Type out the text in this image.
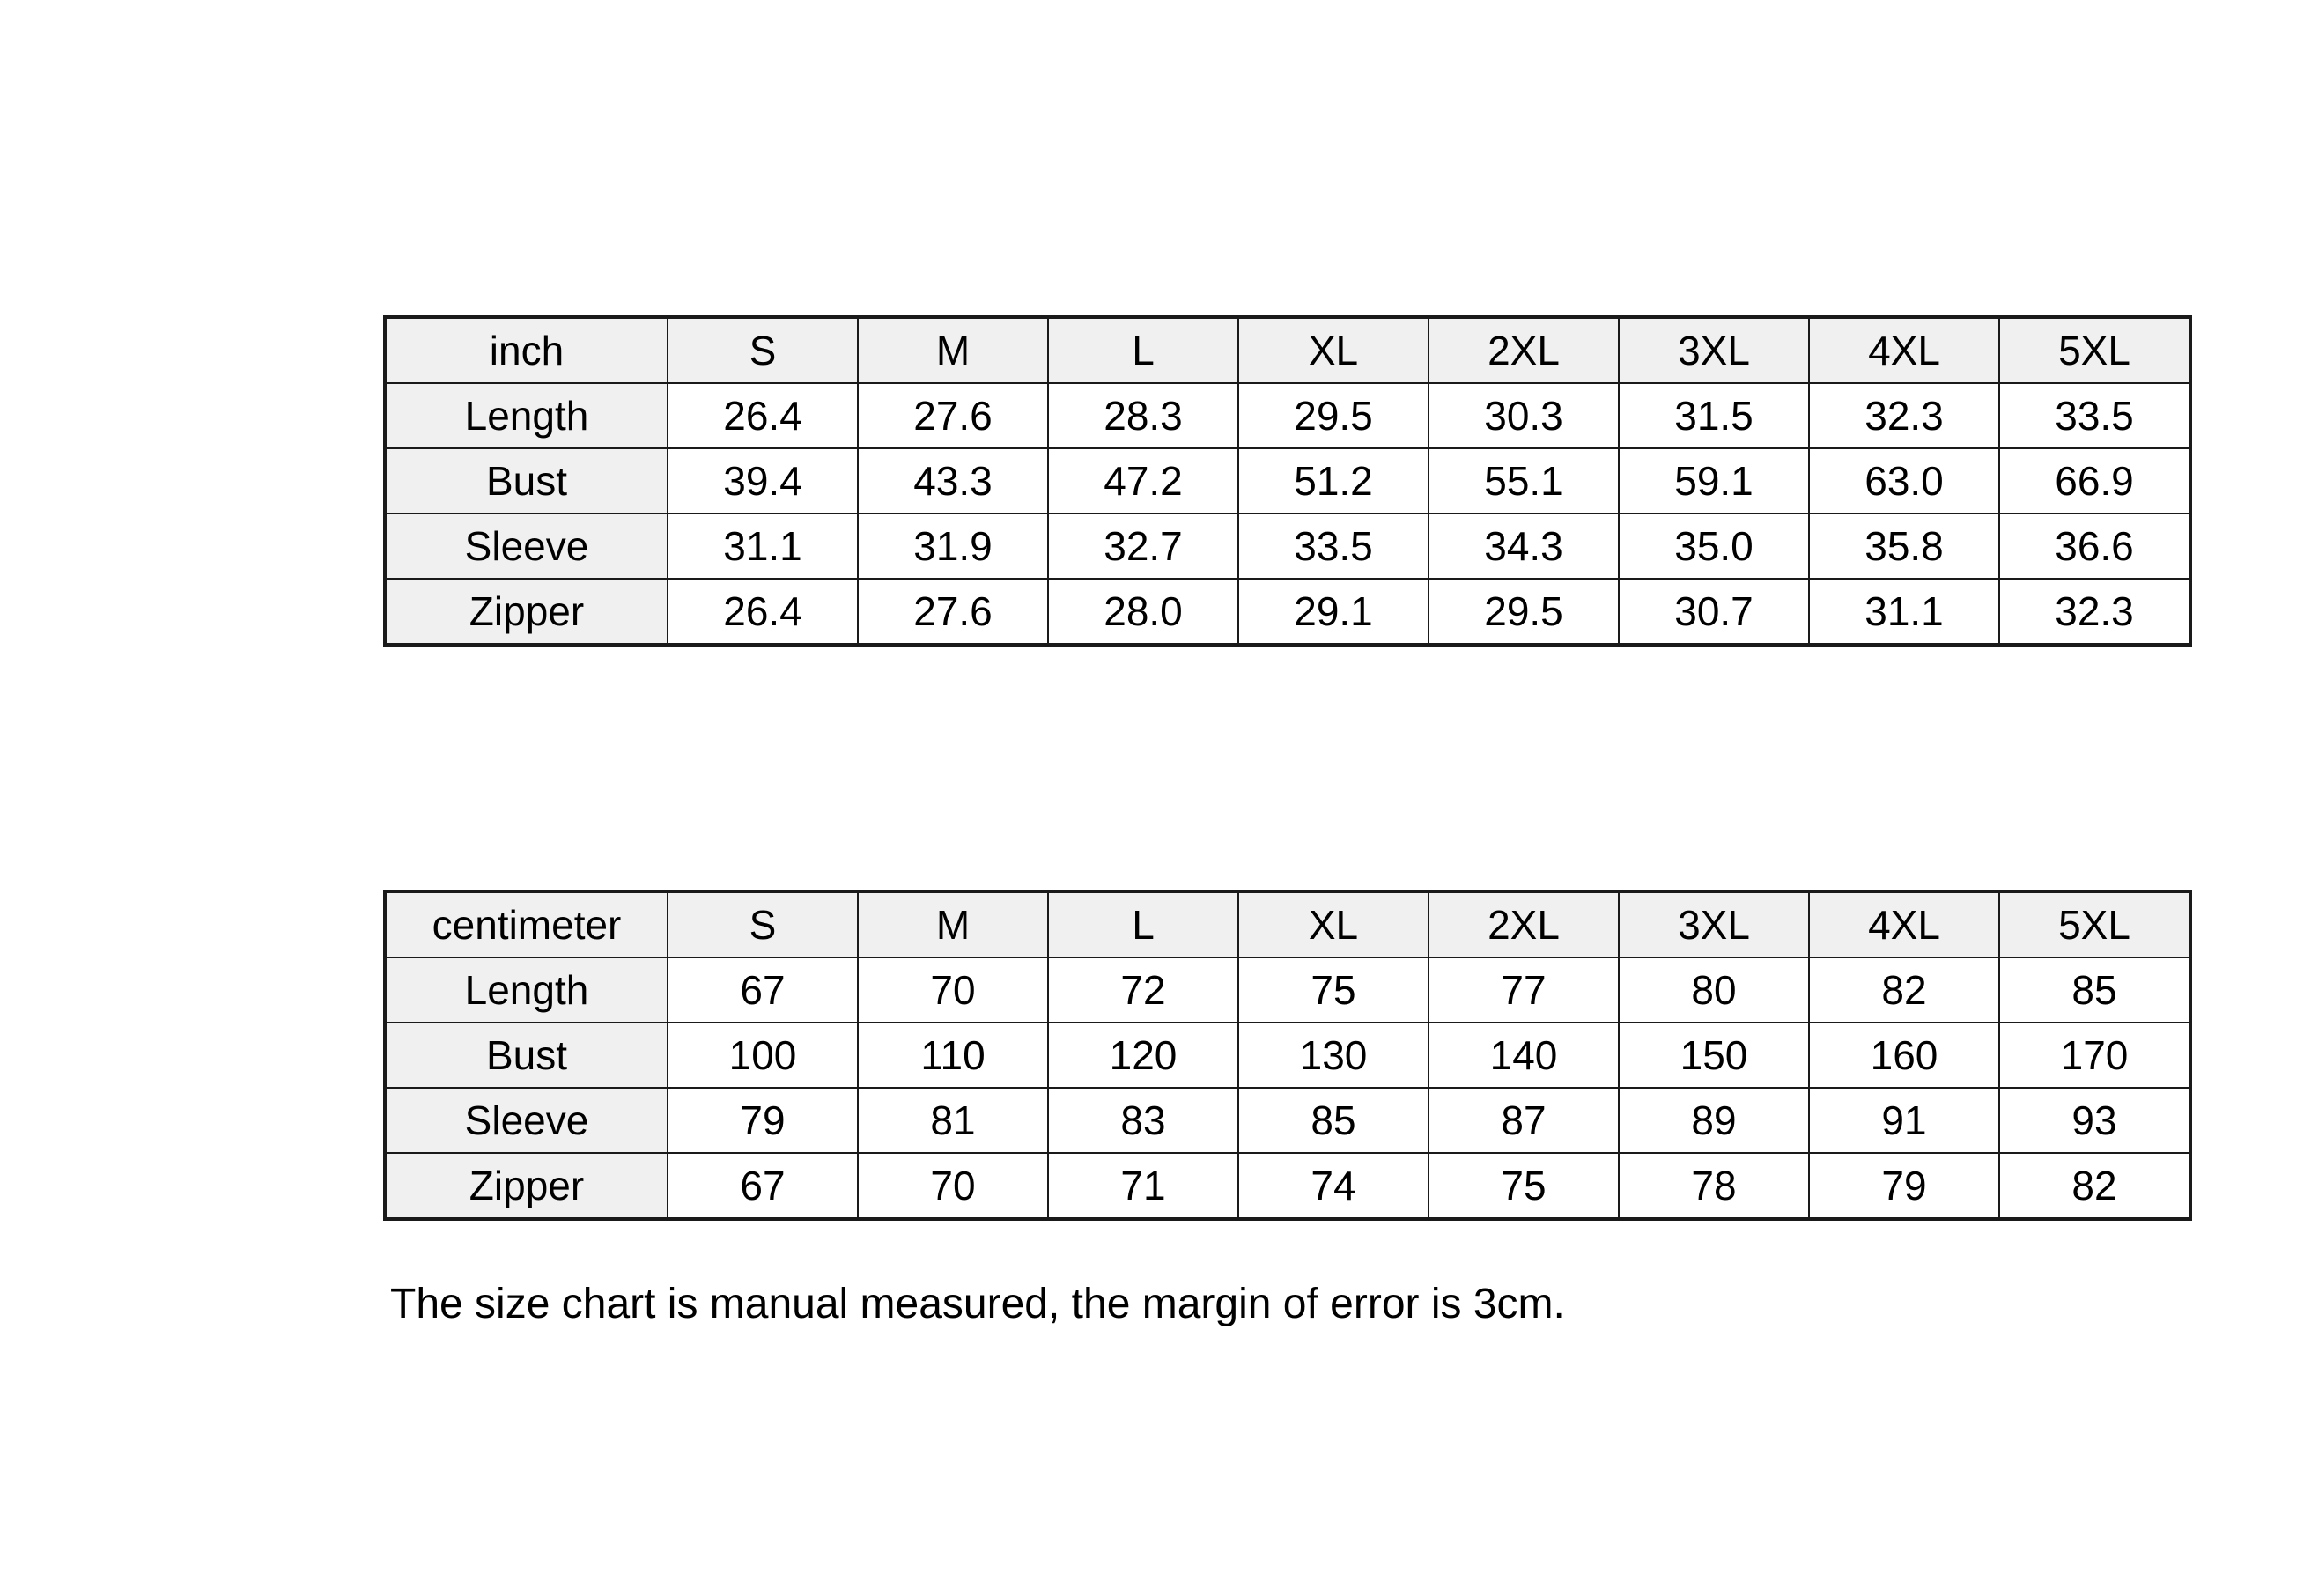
inch	S	M	L	XL	2XL	3XL	4XL	5XL
Length	26.4	27.6	28.3	29.5	30.3	31.5	32.3	33.5
Bust	39.4	43.3	47.2	51.2	55.1	59.1	63.0	66.9
Sleeve	31.1	31.9	32.7	33.5	34.3	35.0	35.8	36.6
Zipper	26.4	27.6	28.0	29.1	29.5	30.7	31.1	32.3
centimeter	S	M	L	XL	2XL	3XL	4XL	5XL
Length	67	70	72	75	77	80	82	85
Bust	100	110	120	130	140	150	160	170
Sleeve	79	81	83	85	87	89	91	93
Zipper	67	70	71	74	75	78	79	82
The size chart is manual measured, the margin of error is 3cm.
